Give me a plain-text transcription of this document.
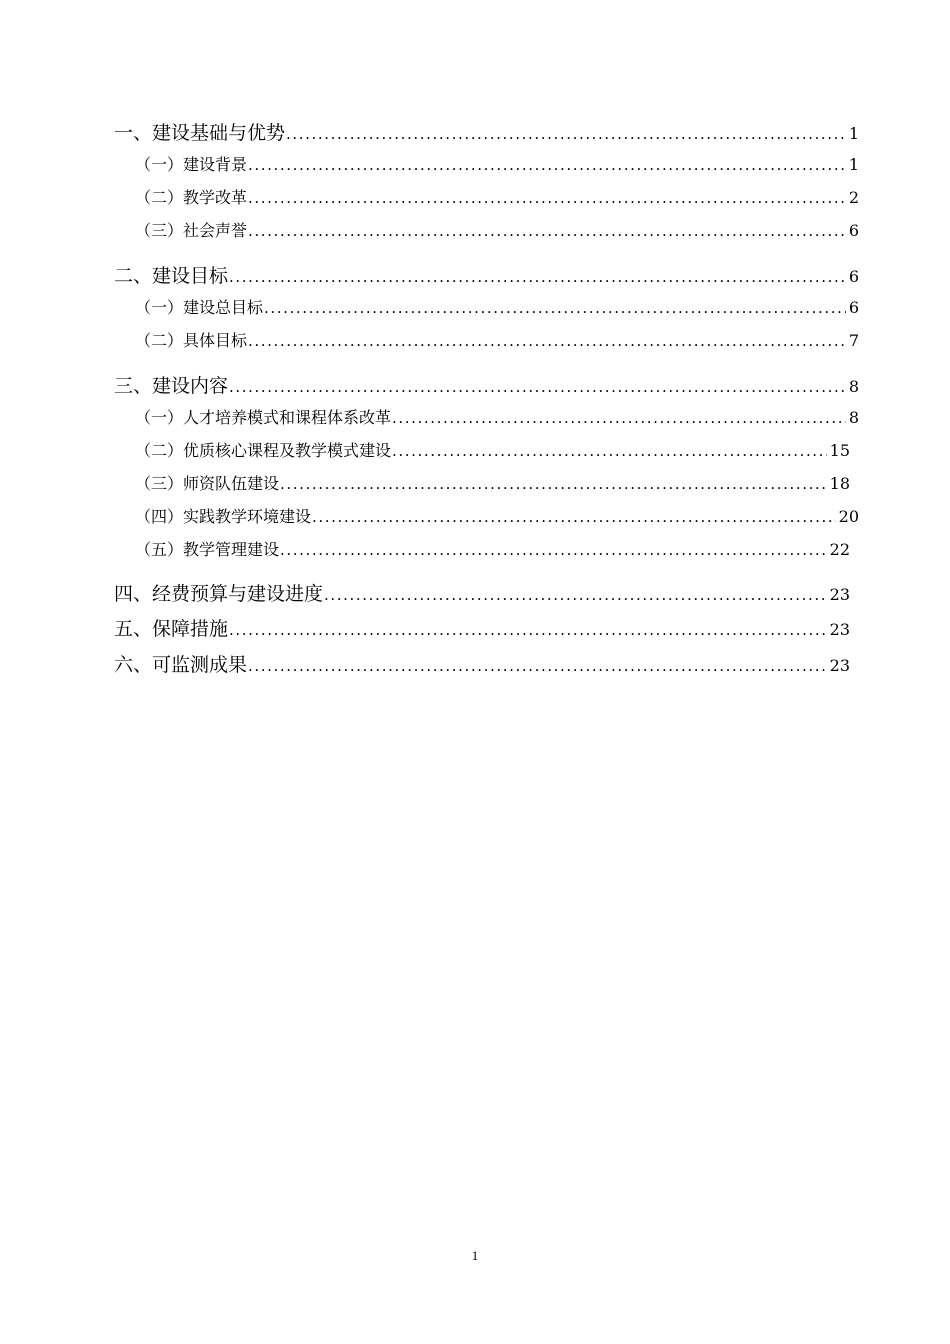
一、建设基础与优势 .....	1
（一）建设背景 .....	1
（二）教学改革 .....	2
（三）社会声誉 .....	6
二、建设目标 .....	6
（一）建设总目标 .....	6
（二）具体目标 .....	7
三、建设内容 .....	8
（一）人才培养模式和课程体系改革 .....	8
（二）优质核心课程及教学模式建设 .....	15
（三）师资队伍建设 .....	18
（四）实践教学环境建设 .....	20
（五）教学管理建设 .....	22
四、经费预算与建设进度 .....	23
五、保障措施 .....	23
六、可监测成果 .....	23
1
